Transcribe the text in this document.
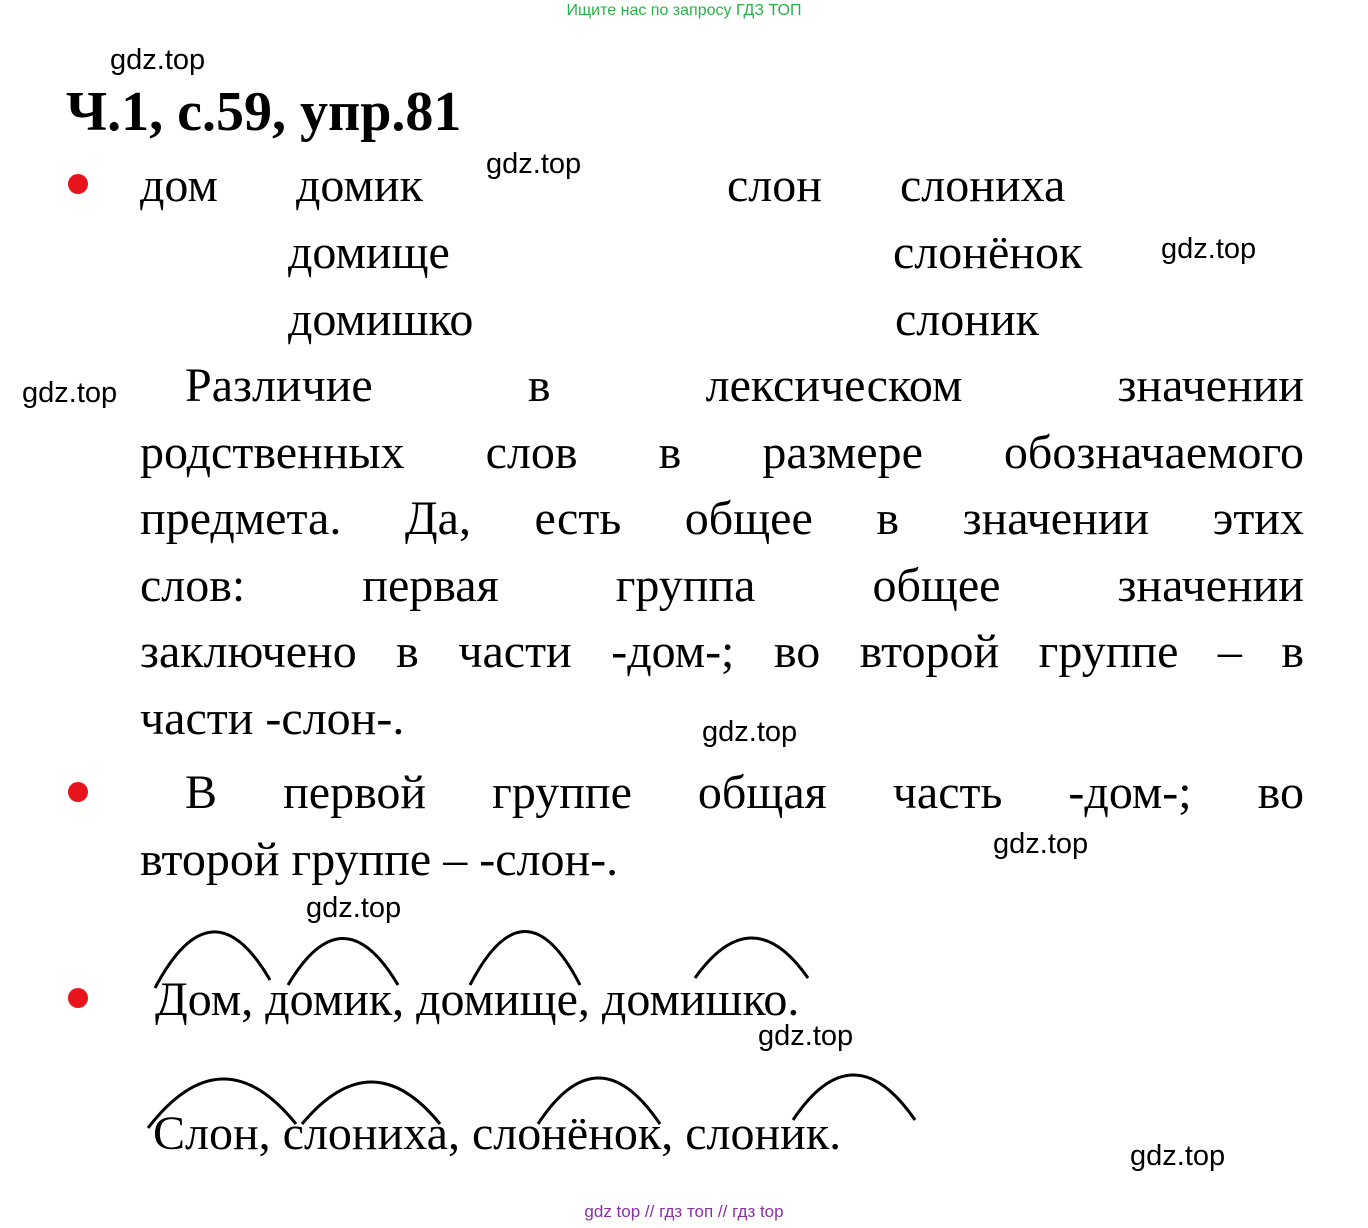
Ищите нас по запросу ГДЗ ТОП
gdz.top
Ч.1, с.59, упр.81
gdz.top
дом домик
домище
домишко
слон слониха
слонёнок
слоник
gdz.top
gdz.top	Различие в лексическом значении
родственных слов в размере обозначаемого
предмета. Да, есть общее в значении этих
слов: первая группа общее значении
заключено в части -дом-; во второй группе – в
части -слон-.	gdz.top
В первой группе общая часть -дом-; во
второй группе – -слон-.	gdz.top
gdz.top
Дом, домик, домище, домишко.
gdz.top
Слон, слониха, слонёнок, слоник.	gdz.top
gdz top // гдз топ // гдз top
